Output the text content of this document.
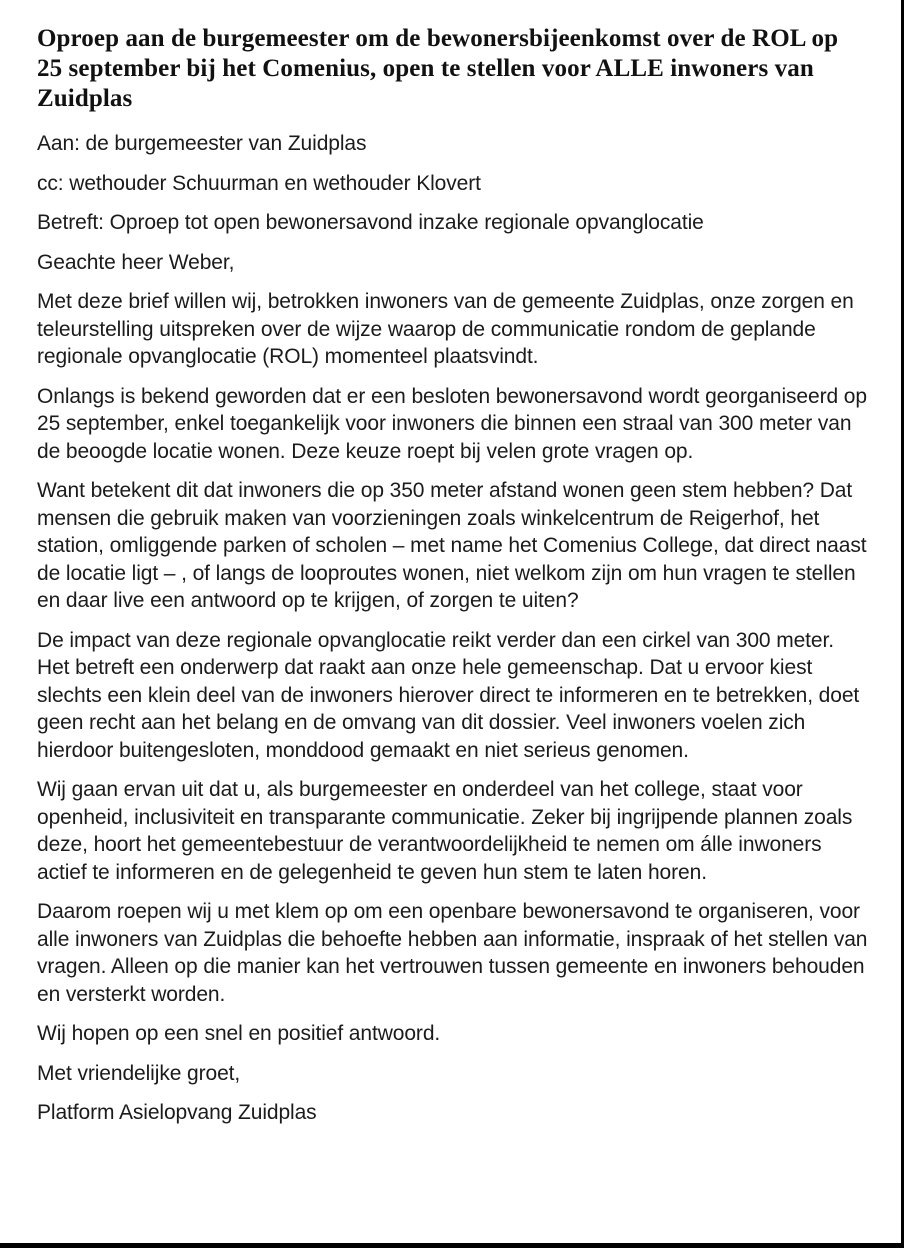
Oproep aan de burgemeester om de bewonersbijeenkomst over de ROL op 25 september bij het Comenius, open te stellen voor ALLE inwoners van Zuidplas

Aan: de burgemeester van Zuidplas

cc: wethouder Schuurman en wethouder Klovert

Betreft: Oproep tot open bewonersavond inzake regionale opvanglocatie

Geachte heer Weber,

Met deze brief willen wij, betrokken inwoners van de gemeente Zuidplas, onze zorgen en teleurstelling uitspreken over de wijze waarop de communicatie rondom de geplande regionale opvanglocatie (ROL) momenteel plaatsvindt.

Onlangs is bekend geworden dat er een besloten bewonersavond wordt georganiseerd op 25 september, enkel toegankelijk voor inwoners die binnen een straal van 300 meter van de beoogde locatie wonen. Deze keuze roept bij velen grote vragen op.

Want betekent dit dat inwoners die op 350 meter afstand wonen geen stem hebben? Dat mensen die gebruik maken van voorzieningen zoals winkelcentrum de Reigerhof, het station, omliggende parken of scholen – met name het Comenius College, dat direct naast de locatie ligt – , of langs de looproutes wonen, niet welkom zijn om hun vragen te stellen en daar live een antwoord op te krijgen, of zorgen te uiten?

De impact van deze regionale opvanglocatie reikt verder dan een cirkel van 300 meter. Het betreft een onderwerp dat raakt aan onze hele gemeenschap. Dat u ervoor kiest slechts een klein deel van de inwoners hierover direct te informeren en te betrekken, doet geen recht aan het belang en de omvang van dit dossier. Veel inwoners voelen zich hierdoor buitengesloten, monddood gemaakt en niet serieus genomen.

Wij gaan ervan uit dat u, als burgemeester en onderdeel van het college, staat voor openheid, inclusiviteit en transparante communicatie. Zeker bij ingrijpende plannen zoals deze, hoort het gemeentebestuur de verantwoordelijkheid te nemen om álle inwoners actief te informeren en de gelegenheid te geven hun stem te laten horen.

Daarom roepen wij u met klem op om een openbare bewonersavond te organiseren, voor alle inwoners van Zuidplas die behoefte hebben aan informatie, inspraak of het stellen van vragen. Alleen op die manier kan het vertrouwen tussen gemeente en inwoners behouden en versterkt worden.

Wij hopen op een snel en positief antwoord.

Met vriendelijke groet,

Platform Asielopvang Zuidplas
